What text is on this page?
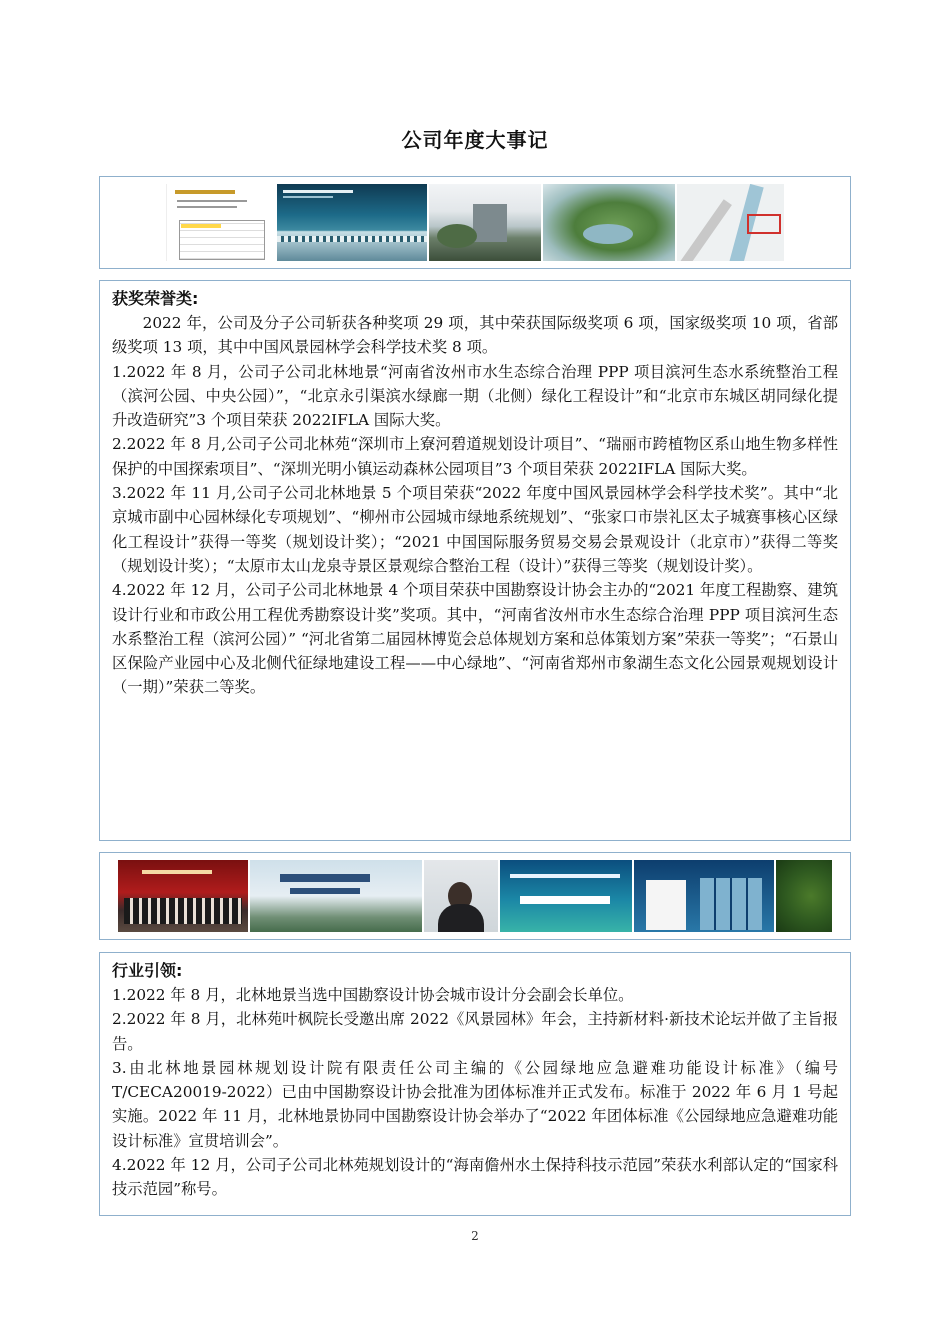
公司年度大事记

获奖荣誉类:

2022 年，公司及分子公司斩获各种奖项 29 项，其中荣获国际级奖项 6 项，国家级奖项 10 项，省部级奖项 13 项，其中中国风景园林学会科学技术奖 8 项。

1.2022 年 8 月，公司子公司北林地景“河南省汝州市水生态综合治理 PPP 项目滨河生态水系统整治工程（滨河公园、中央公园）”，“北京永引渠滨水绿廊一期（北侧）绿化工程设计”和“北京市东城区胡同绿化提升改造研究”3 个项目荣获 2022IFLA 国际大奖。

2.2022 年 8 月,公司子公司北林苑“深圳市上寮河碧道规划设计项目”、“瑞丽市跨植物区系山地生物多样性保护的中国探索项目”、“深圳光明小镇运动森林公园项目”3 个项目荣获 2022IFLA 国际大奖。

3.2022 年 11 月,公司子公司北林地景 5 个项目荣获“2022 年度中国风景园林学会科学技术奖”。其中“北京城市副中心园林绿化专项规划”、“柳州市公园城市绿地系统规划”、“张家口市崇礼区太子城赛事核心区绿化工程设计”获得一等奖（规划设计奖）；“2021 中国国际服务贸易交易会景观设计（北京市）”获得二等奖（规划设计奖）；“太原市太山龙泉寺景区景观综合整治工程（设计）”获得三等奖（规划设计奖）。

4.2022 年 12 月，公司子公司北林地景 4 个项目荣获中国勘察设计协会主办的“2021 年度工程勘察、建筑设计行业和市政公用工程优秀勘察设计奖”奖项。其中，“河南省汝州市水生态综合治理 PPP 项目滨河生态水系整治工程（滨河公园）” “河北省第二届园林博览会总体规划方案和总体策划方案”荣获一等奖”；“石景山区保险产业园中心及北侧代征绿地建设工程——中心绿地”、“河南省郑州市象湖生态文化公园景观规划设计（一期）”荣获二等奖。

行业引领:

1.2022 年 8 月，北林地景当选中国勘察设计协会城市设计分会副会长单位。

2.2022 年 8 月，北林苑叶枫院长受邀出席 2022《风景园林》年会，主持新材料·新技术论坛并做了主旨报告。

3.由北林地景园林规划设计院有限责任公司主编的《公园绿地应急避难功能设计标准》（编号 T/CECA20019-2022）已由中国勘察设计协会批准为团体标准并正式发布。标准于 2022 年 6 月 1 号起实施。2022 年 11 月，北林地景协同中国勘察设计协会举办了“2022 年团体标准《公园绿地应急避难功能设计标准》宣贯培训会”。

4.2022 年 12 月，公司子公司北林苑规划设计的“海南儋州水土保持科技示范园”荣获水利部认定的“国家科技示范园”称号。

2
